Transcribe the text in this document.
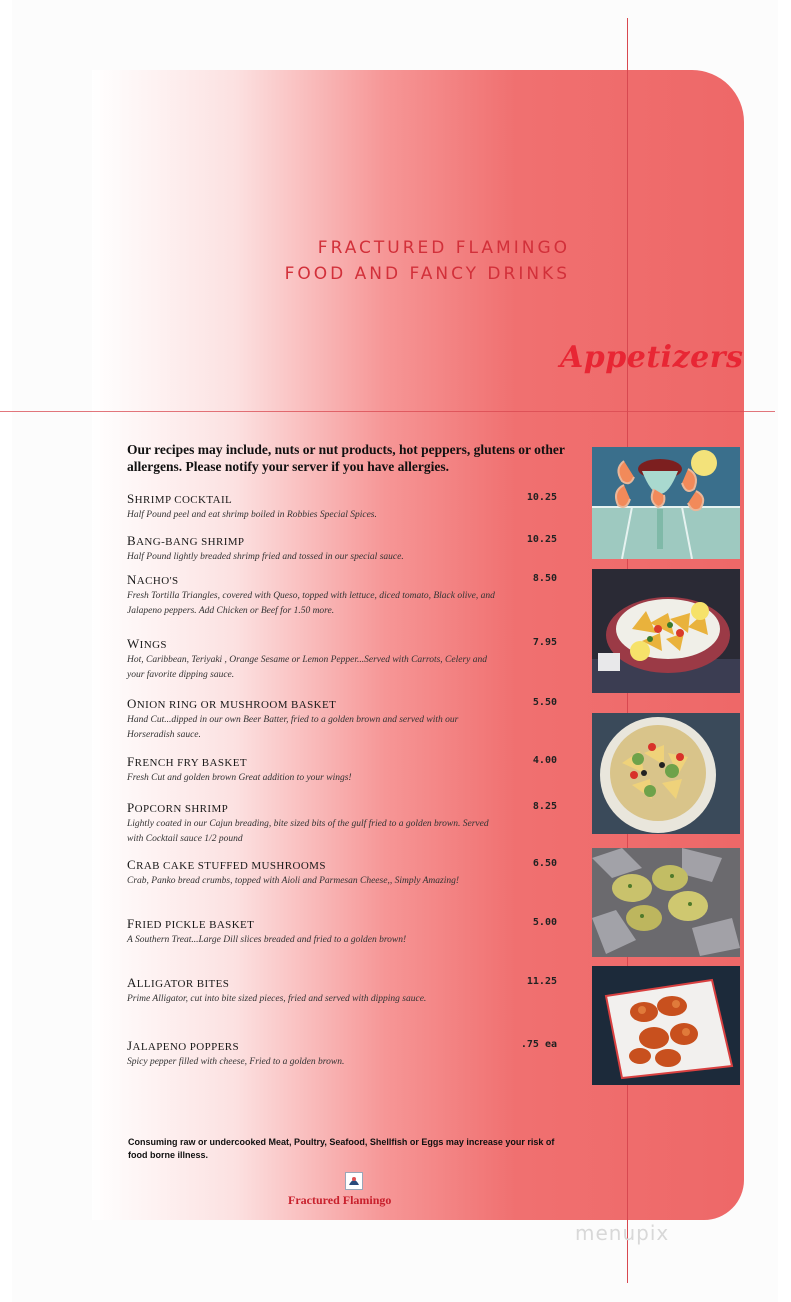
FRACTURED FLAMINGO
FOOD AND FANCY DRINKS
Appetizers
Our recipes may include, nuts or nut products, hot peppers, glutens or other allergens. Please notify your server if you have allergies.
SHRIMP COCKTAIL
Half Pound peel and eat shrimp boiled in Robbies Special Spices.
10.25
BANG-BANG SHRIMP
Half Pound lightly breaded shrimp fried and tossed in our special sauce.
10.25
NACHO'S
Fresh Tortilla Triangles, covered with Queso, topped with lettuce, diced tomato, Black olive, and Jalapeno peppers. Add Chicken or Beef for 1.50 more.
8.50
WINGS
Hot, Caribbean, Teriyaki , Orange Sesame or Lemon Pepper...Served with Carrots, Celery and your favorite dipping sauce.
7.95
ONION RING OR MUSHROOM BASKET
Hand Cut...dipped in our own Beer Batter, fried to a golden brown and served with our Horseradish sauce.
5.50
FRENCH FRY BASKET
Fresh Cut and golden brown Great addition to your wings!
4.00
POPCORN SHRIMP
Lightly coated in our Cajun breading, bite sized bits of the gulf fried to a golden brown. Served with Cocktail sauce 1/2 pound
8.25
CRAB CAKE STUFFED MUSHROOMS
Crab, Panko bread crumbs, topped with Aioli and Parmesan Cheese,, Simply Amazing!
6.50
FRIED PICKLE BASKET
A Southern Treat...Large Dill slices breaded and fried to a golden brown!
5.00
ALLIGATOR BITES
Prime Alligator, cut into bite sized pieces, fried and served with dipping sauce.
11.25
JALAPENO POPPERS
Spicy pepper filled with cheese, Fried to a golden brown.
.75 ea
Consuming raw or undercooked Meat, Poultry, Seafood, Shellfish or Eggs may increase your risk of food borne illness.
Fractured Flamingo
menupix
